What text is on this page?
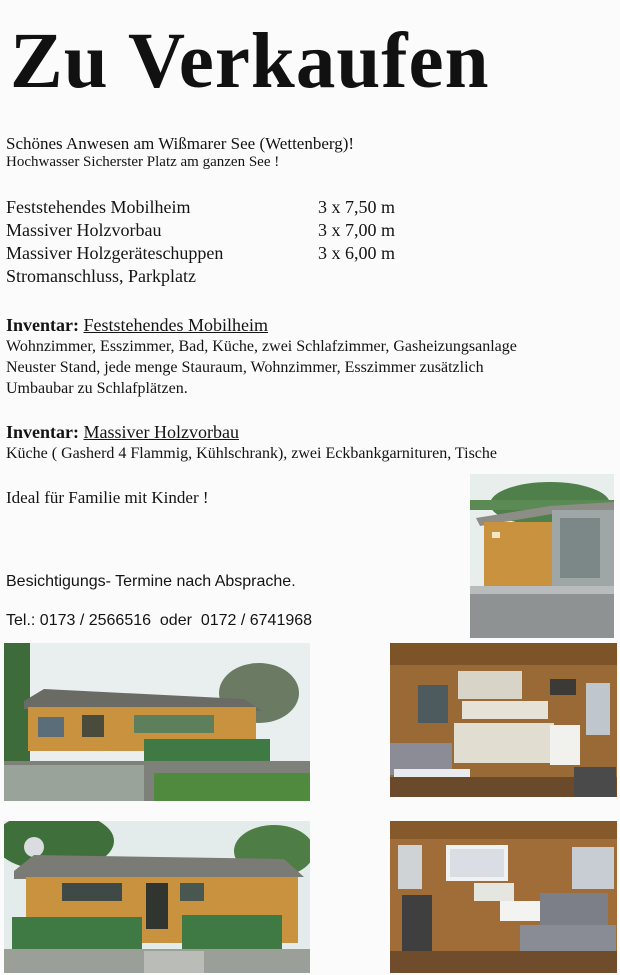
Zu Verkaufen
Schönes Anwesen am Wißmarer See (Wettenberg)!
Hochwasser Sicherster Platz am ganzen See !
Feststehendes Mobilheim	3 x 7,50 m
Massiver Holzvorbau	3 x 7,00 m
Massiver Holzgeräteschuppen	3 x 6,00 m
Stromanschluss, Parkplatz
Inventar: Feststehendes Mobilheim
Wohnzimmer, Esszimmer, Bad, Küche, zwei Schlafzimmer, Gasheizungsanlage
Neuster Stand, jede menge Stauraum, Wohnzimmer, Esszimmer zusätzlich
Umbaubar zu Schlafplätzen.
Inventar: Massiver Holzvorbau
Küche ( Gasherd 4 Flammig, Kühlschrank), zwei Eckbankgarnituren, Tische
Ideal für Familie mit Kinder !
Besichtigungs- Termine nach Absprache.
Tel.: 0173 / 2566516  oder  0172 / 6741968
